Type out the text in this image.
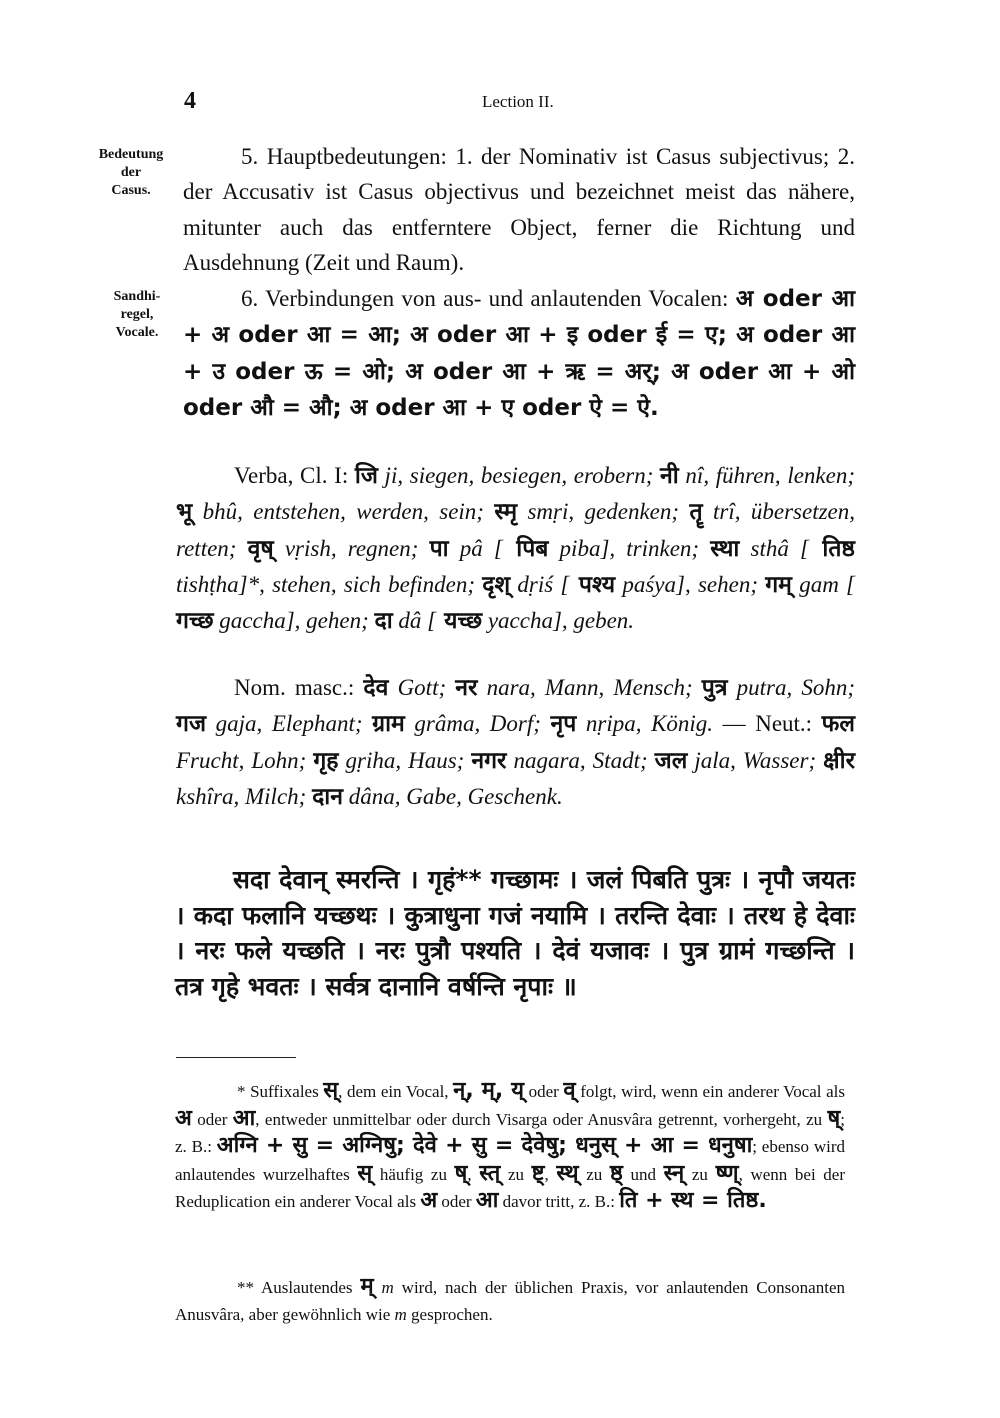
4	Lection II.
Bedeutung
der
Casus.
Sandhi-
regel,
Vocale.

5. Hauptbedeutungen: 1. der Nominativ ist Casus subjectivus; 2. der Accusativ ist Casus objectivus und bezeichnet meist das nähere, mitunter auch das entferntere Object, ferner die Richtung und Ausdehnung (Zeit und Raum).

6. Verbindungen von aus- und anlautenden Vocalen: अ oder आ + अ oder आ = आ; अ oder आ + इ oder ई = ए; अ oder आ + उ oder ऊ = ओ; अ oder आ + ऋ = अर्; अ oder आ + ओ oder औ = औ; अ oder आ + ए oder ऐ = ऐ.

Verba, Cl. I: जि ji, siegen, besiegen, erobern; नी nî, führen, lenken; भू bhû, entstehen, werden, sein; स्मृ smṛi, gedenken; तॄ trî, übersetzen, retten; वृष् vṛish, regnen; पा pâ [ पिब piba], trinken; स्था sthâ [ तिष्ठ tishṭha]*, stehen, sich befinden; दृश् dṛiś [ पश्य paśya], sehen; गम् gam [ गच्छ gaccha], gehen; दा dâ [ यच्छ yaccha], geben.

Nom. masc.: देव Gott; नर nara, Mann, Mensch; पुत्र putra, Sohn; गज gaja, Elephant; ग्राम grâma, Dorf; नृप nṛipa, König. — Neut.: फल Frucht, Lohn; गृह gṛiha, Haus; नगर nagara, Stadt; जल jala, Wasser; क्षीर kshîra, Milch; दान dâna, Gabe, Geschenk.

सदा देवान् स्मरन्ति । गृहं** गच्छामः । जलं पिबति पुत्रः । नृपौ जयतः । कदा फलानि यच्छथः । कुत्राधुना गजं नयामि । तरन्ति देवाः । तरथ हे देवाः । नरः फले यच्छति । नरः पुत्रौ पश्यति । देवं यजावः । पुत्र ग्रामं गच्छन्ति । तत्र गृहे भवतः । सर्वत्र दानानि वर्षन्ति नृपाः ॥

* Suffixales स्, dem ein Vocal, न्, म्, य् oder व् folgt, wird, wenn ein anderer Vocal als अ oder आ, entweder unmittelbar oder durch Visarga oder Anusvâra getrennt, vorhergeht, zu ष्; z. B.: अग्नि + सु = अग्निषु; देवे + सु = देवेषु; धनुस् + आ = धनुषा; ebenso wird anlautendes wurzelhaftes स् häufig zu ष्, स्त् zu ष्ट्, स्थ् zu ष्ठ् und स्न् zu ष्ण्, wenn bei der Reduplication ein anderer Vocal als अ oder आ davor tritt, z. B.: ति + स्थ = तिष्ठ.

** Auslautendes म् m wird, nach der üblichen Praxis, vor anlautenden Consonanten Anusvâra, aber gewöhnlich wie m gesprochen.
